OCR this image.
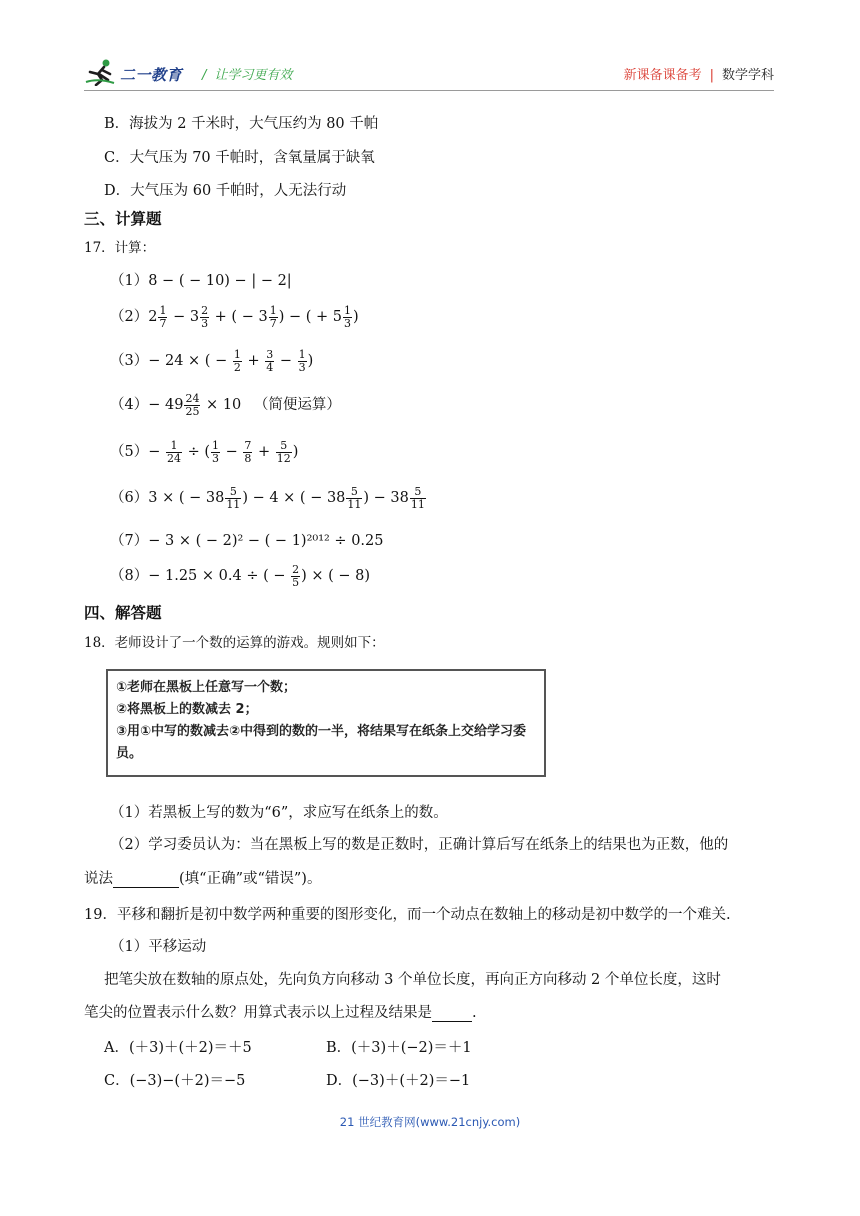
二一教育 / 让学习更有效	新课备课备考 | 数学学科
B．海拔为 2 千米时，大气压约为 80 千帕
C．大气压为 70 千帕时，含氧量属于缺氧
D．大气压为 60 千帕时，人无法行动
三、计算题
17．计算：
（1）8 − ( − 10) − | − 2|
$(2)2 \frac{1}{7} - 3 \frac{2}{3}$ + ( − $3 \frac{1}{7}$ ) − ( + $5 \frac{1}{3}$ )
（3）− 24 × ( − $\frac{1}{2} + \frac{3}{4} - \frac{1}{3}$ )
$(4)- 49 \frac{24}{25} \times 10$ （简便运算）
$(5)- \frac{1}{24}$ ÷ ( $\frac{1}{3} - \frac{7}{8} + \frac{5}{12}$ )
（6）3 × ( − $38 \frac{5}{11}$ ) − 4 × ( − $38 \frac{5}{11}$ ) − $38 \frac{5}{11}$
（7）− 3 × ( − 2)² − ( − 1)²⁰¹² ÷ 0.25
（8）− 1.25 × 0.4 ÷ ( − $\frac{2}{5}$ ) × ( − 8)
四、解答题
18．老师设计了一个数的运算的游戏。规则如下：
①老师在黑板上任意写一个数；
②将黑板上的数减去 2；
③用①中写的数减去②中得到的数的一半，将结果写在纸条上交给学习委员。
（1）若黑板上写的数为“6”，求应写在纸条上的数。
（2）学习委员认为：当在黑板上写的数是正数时，正确计算后写在纸条上的结果也为正数，他的
说法	(填“正确”或“错误”)。
19．平移和翻折是初中数学两种重要的图形变化，而一个动点在数轴上的移动是初中数学的一个难关.
（1）平移运动
把笔尖放在数轴的原点处，先向负方向移动 3 个单位长度，再向正方向移动 2 个单位长度，这时
笔尖的位置表示什么数？用算式表示以上过程及结果是	.
A．(＋3)＋(＋2)＝＋5	B．(＋3)＋(−2)＝＋1
C．(−3)−(＋2)＝−5	D．(−3)＋(＋2)＝−1
21 世纪教育网(www.21cnjy.com)
